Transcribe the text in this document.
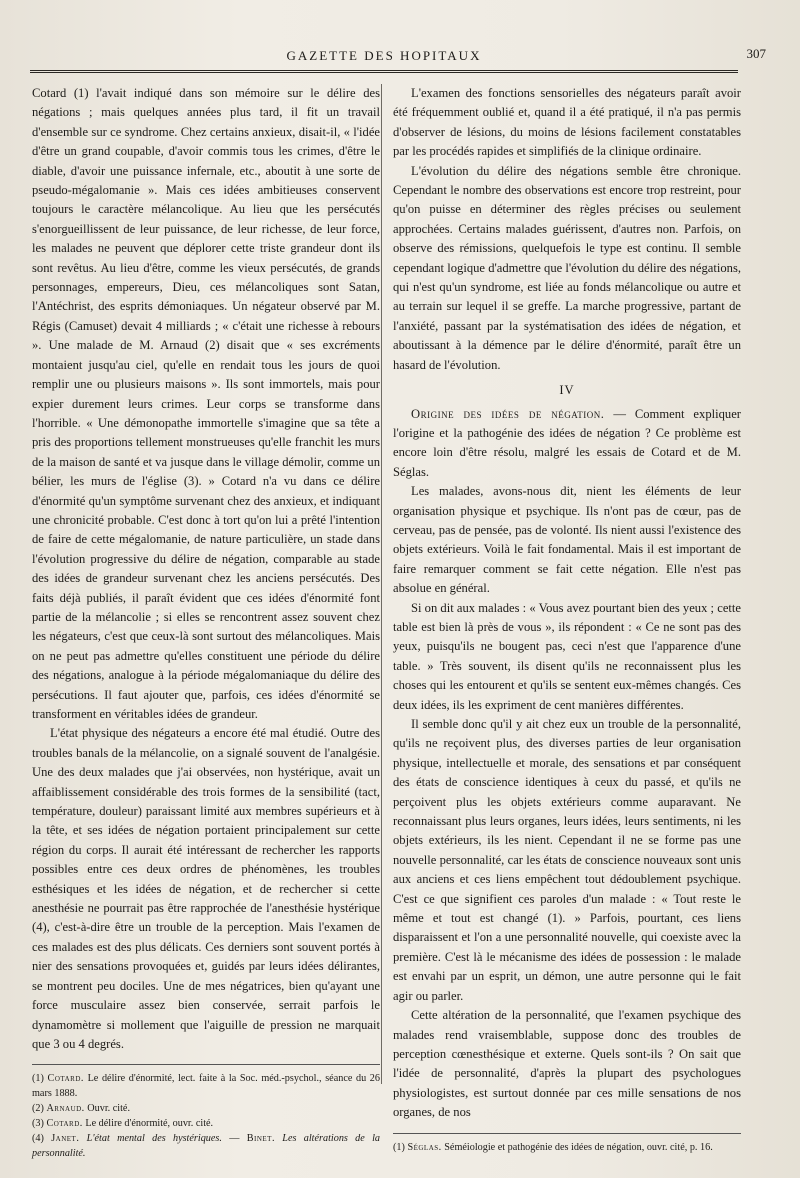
GAZETTE DES HOPITAUX	307

Cotard (1) l'avait indiqué dans son mémoire sur le délire des négations ; mais quelques années plus tard, il fit un travail d'ensemble sur ce syndrome. Chez certains anxieux, disait-il, « l'idée d'être un grand coupable, d'avoir commis tous les crimes, d'être le diable, d'avoir une puissance infernale, etc., aboutit à une sorte de pseudo-mégalomanie ». Mais ces idées ambitieuses conservent toujours le caractère mélancolique. Au lieu que les persécutés s'enorgueillissent de leur puissance, de leur richesse, de leur force, les malades ne peuvent que déplorer cette triste grandeur dont ils sont revêtus. Au lieu d'être, comme les vieux persécutés, de grands personnages, empereurs, Dieu, ces mélancoliques sont Satan, l'Antéchrist, des esprits démoniaques. Un négateur observé par M. Régis (Camuset) devait 4 milliards ; « c'était une richesse à rebours ». Une malade de M. Arnaud (2) disait que « ses excréments montaient jusqu'au ciel, qu'elle en rendait tous les jours de quoi remplir une ou plusieurs maisons ». Ils sont immortels, mais pour expier durement leurs crimes. Leur corps se transforme dans l'horrible. « Une démonopathe immortelle s'imagine que sa tête a pris des proportions tellement monstrueuses qu'elle franchit les murs de la maison de santé et va jusque dans le village démolir, comme un bélier, les murs de l'église (3). » Cotard n'a vu dans ce délire d'énormité qu'un symptôme survenant chez des anxieux, et indiquant une chronicité probable. C'est donc à tort qu'on lui a prêté l'intention de faire de cette mégalomanie, de nature particulière, un stade dans l'évolution progressive du délire de négation, comparable au stade des idées de grandeur survenant chez les anciens persécutés. Des faits déjà publiés, il paraît évident que ces idées d'énormité font partie de la mélancolie ; si elles se rencontrent assez souvent chez les négateurs, c'est que ceux-là sont surtout des mélancoliques. Mais on ne peut pas admettre qu'elles constituent une période du délire des négations, analogue à la période mégalomaniaque du délire des persécutions. Il faut ajouter que, parfois, ces idées d'énormité se transforment en véritables idées de grandeur.

L'état physique des négateurs a encore été mal étudié. Outre des troubles banals de la mélancolie, on a signalé souvent de l'analgésie. Une des deux malades que j'ai observées, non hystérique, avait un affaiblissement considérable des trois formes de la sensibilité (tact, température, douleur) paraissant limité aux membres supérieurs et à la tête, et ses idées de négation portaient principalement sur cette région du corps. Il aurait été intéressant de rechercher les rapports possibles entre ces deux ordres de phénomènes, les troubles esthésiques et les idées de négation, et de rechercher si cette anesthésie ne pourrait pas être rapprochée de l'anesthésie hystérique (4), c'est-à-dire être un trouble de la perception. Mais l'examen de ces malades est des plus délicats. Ces derniers sont souvent portés à nier des sensations provoquées et, guidés par leurs idées délirantes, se montrent peu dociles. Une de mes négatrices, bien qu'ayant une force musculaire assez bien conservée, serrait parfois le dynamomètre si mollement que l'aiguille de pression ne marquait que 3 ou 4 degrés.

(1) Cotard. Le délire d'énormité, lect. faite à la Soc. méd.-psychol., séance du 26 mars 1888.

(2) Arnaud. Ouvr. cité.

(3) Cotard. Le délire d'énormité, ouvr. cité.

(4) Janet. L'état mental des hystériques. — Binet. Les altérations de la personnalité.

L'examen des fonctions sensorielles des négateurs paraît avoir été fréquemment oublié et, quand il a été pratiqué, il n'a pas permis d'observer de lésions, du moins de lésions facilement constatables par les procédés rapides et simplifiés de la clinique ordinaire.

L'évolution du délire des négations semble être chronique. Cependant le nombre des observations est encore trop restreint, pour qu'on puisse en déterminer des règles précises ou seulement approchées. Certains malades guérissent, d'autres non. Parfois, on observe des rémissions, quelquefois le type est continu. Il semble cependant logique d'admettre que l'évolution du délire des négations, qui n'est qu'un syndrome, est liée au fonds mélancolique ou autre et au terrain sur lequel il se greffe. La marche progressive, partant de l'anxiété, passant par la systématisation des idées de négation, et aboutissant à la démence par le délire d'énormité, paraît être un hasard de l'évolution.

IV

Origine des idées de négation. — Comment expliquer l'origine et la pathogénie des idées de négation ? Ce problème est encore loin d'être résolu, malgré les essais de Cotard et de M. Séglas.

Les malades, avons-nous dit, nient les éléments de leur organisation physique et psychique. Ils n'ont pas de cœur, pas de cerveau, pas de pensée, pas de volonté. Ils nient aussi l'existence des objets extérieurs. Voilà le fait fondamental. Mais il est important de faire remarquer comment se fait cette négation. Elle n'est pas absolue en général.

Si on dit aux malades : « Vous avez pourtant bien des yeux ; cette table est bien là près de vous », ils répondent : « Ce ne sont pas des yeux, puisqu'ils ne bougent pas, ceci n'est que l'apparence d'une table. » Très souvent, ils disent qu'ils ne reconnaissent plus les choses qui les entourent et qu'ils se sentent eux-mêmes changés. Ces deux idées, ils les expriment de cent manières différentes.

Il semble donc qu'il y ait chez eux un trouble de la personnalité, qu'ils ne reçoivent plus, des diverses parties de leur organisation physique, intellectuelle et morale, des sensations et par conséquent des états de conscience identiques à ceux du passé, et qu'ils ne perçoivent plus les objets extérieurs comme auparavant. Ne reconnaissant plus leurs organes, leurs idées, leurs sentiments, ni les objets extérieurs, ils les nient. Cependant il ne se forme pas une nouvelle personnalité, car les états de conscience nouveaux sont unis aux anciens et ces liens empêchent tout dédoublement psychique. C'est ce que signifient ces paroles d'un malade : « Tout reste le même et tout est changé (1). » Parfois, pourtant, ces liens disparaissent et l'on a une personnalité nouvelle, qui coexiste avec la première. C'est là le mécanisme des idées de possession : le malade est envahi par un esprit, un démon, une autre personne qui le fait agir ou parler.

Cette altération de la personnalité, que l'examen psychique des malades rend vraisemblable, suppose donc des troubles de perception cœnesthésique et externe. Quels sont-ils ? On sait que l'idée de personnalité, d'après la plupart des psychologues physiologistes, est surtout donnée par ces mille sensations de nos organes, de nos

(1) Séglas. Séméiologie et pathogénie des idées de négation, ouvr. cité, p. 16.
